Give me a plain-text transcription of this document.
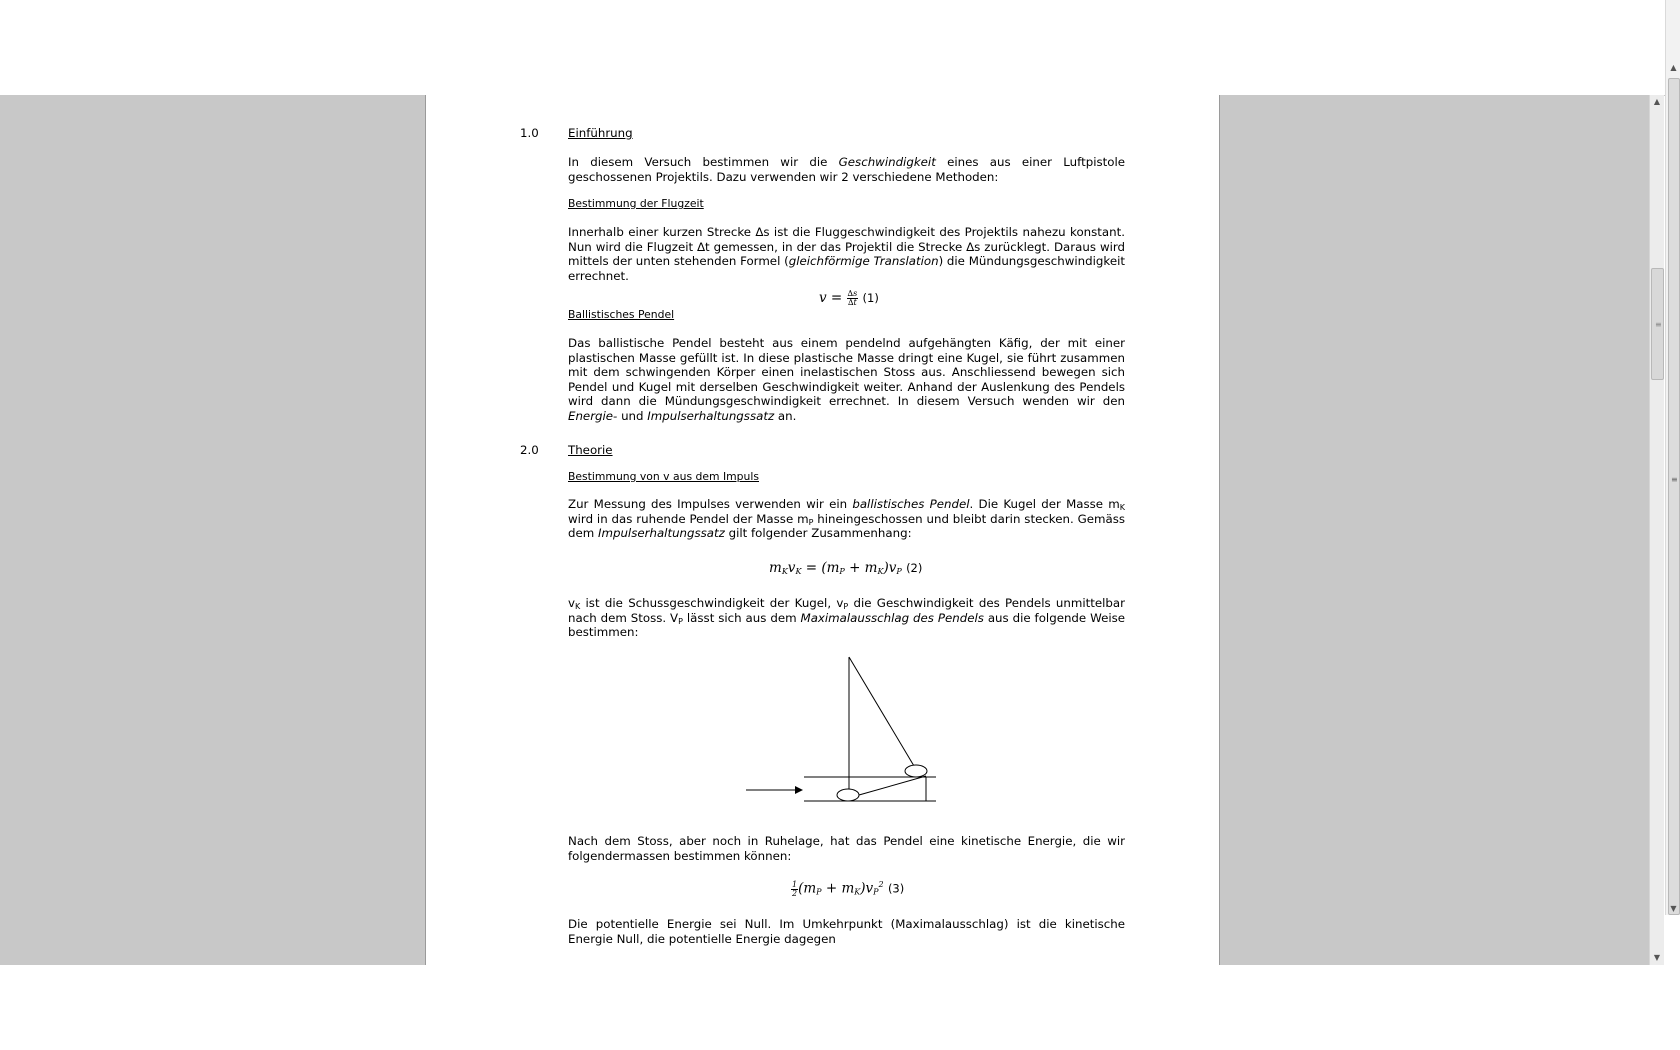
1.0 Einführung
In diesem Versuch bestimmen wir die Geschwindigkeit eines aus einer Luftpistole geschossenen Projektils. Dazu verwenden wir 2 verschiedene Methoden:
Bestimmung der Flugzeit
Innerhalb einer kurzen Strecke ∆s ist die Fluggeschwindigkeit des Projektils nahezu konstant. Nun wird die Flugzeit ∆t gemessen, in der das Projektil die Strecke ∆s zurücklegt. Daraus wird mittels der unten stehenden Formel (gleichförmige Translation) die Mündungsgeschwindigkeit errechnet.
$v = \frac{\Delta s}{\Delta t} (1)$
Ballistisches Pendel
Das ballistische Pendel besteht aus einem pendelnd aufgehängten Käfig, der mit einer plastischen Masse gefüllt ist. In diese plastische Masse dringt eine Kugel, sie führt zusammen mit dem schwingenden Körper einen inelastischen Stoss aus. Anschliessend bewegen sich Pendel und Kugel mit derselben Geschwindigkeit weiter. Anhand der Auslenkung des Pendels wird dann die Mündungsgeschwindigkeit errechnet. In diesem Versuch wenden wir den Energie- und Impulserhaltungssatz an.
2.0 Theorie
Bestimmung von v aus dem Impuls
Zur Messung des Impulses verwenden wir ein ballistisches Pendel. Die Kugel der Masse $m_K$ wird in das ruhende Pendel der Masse $m_P$ hineingeschossen und bleibt darin stecken. Gemäss dem Impulserhaltungssatz gilt folgender Zusammenhang:
$m_Kv_K = (m_P + m_K)v_P$ (2)
$v_K$ ist die Schussgeschwindigkeit der Kugel, $v_P$ die Geschwindigkeit des Pendels unmittelbar nach dem Stoss. $V_P$ lässt sich aus dem Maximalausschlag des Pendels aus die folgende Weise bestimmen:
Nach dem Stoss, aber noch in Ruhelage, hat das Pendel eine kinetische Energie, die wir folgendermassen bestimmen können:
$\frac{1}{2} (m_P + m_K)v_P^2$ (3)
Die potentielle Energie sei Null. Im Umkehrpunkt (Maximalausschlag) ist die kinetische Energie Null, die potentielle Energie dagegen
▲
≡
▼
▲
≡
▼
